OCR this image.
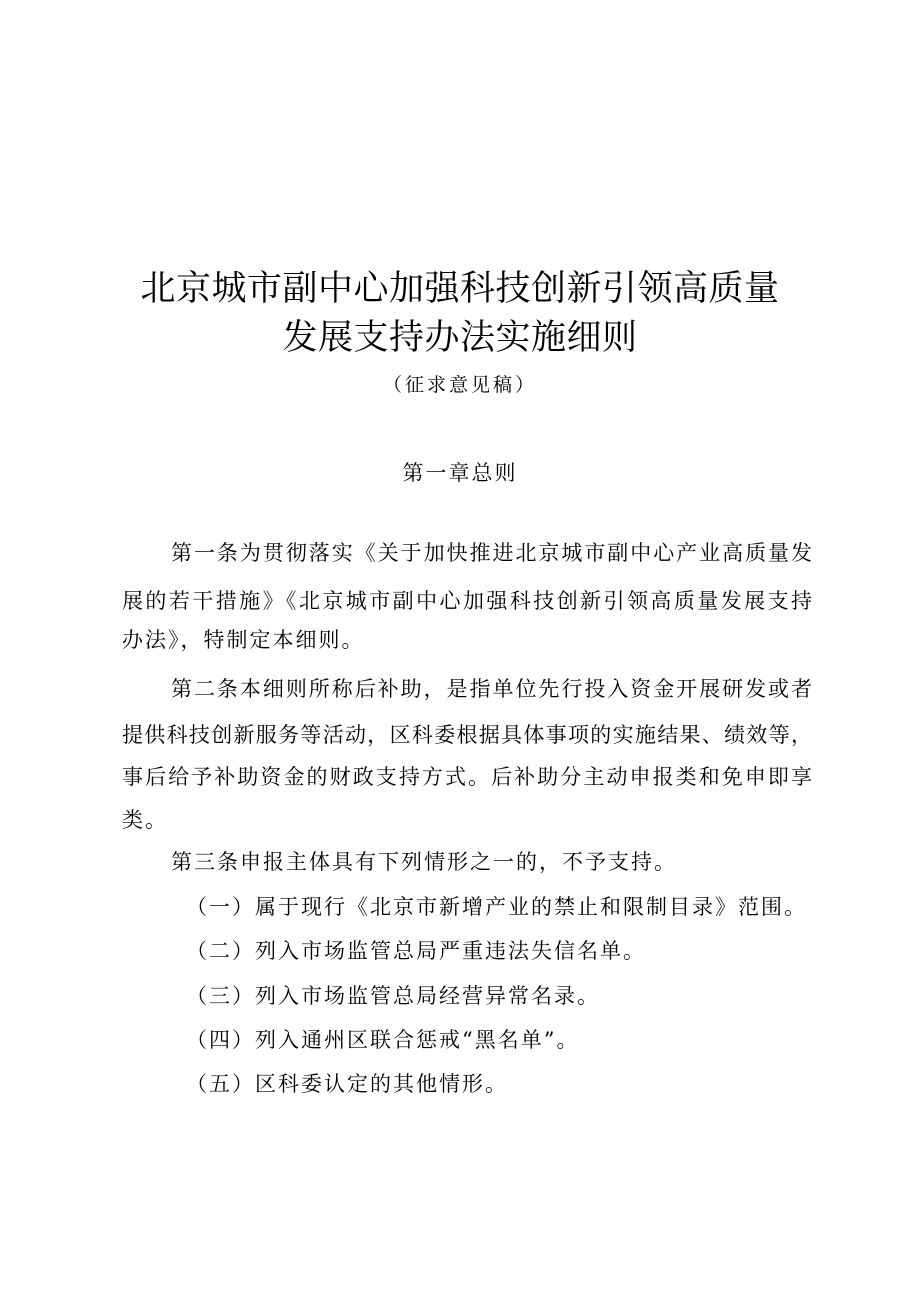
北京城市副中心加强科技创新引领高质量
发展支持办法实施细则
（征求意见稿）
第一章总则
第一条为贯彻落实《关于加快推进北京城市副中心产业高质量发
展的若干措施》《北京城市副中心加强科技创新引领高质量发展支持
办法》，特制定本细则。
第二条本细则所称后补助，是指单位先行投入资金开展研发或者
提供科技创新服务等活动，区科委根据具体事项的实施结果、绩效等，
事后给予补助资金的财政支持方式。后补助分主动申报类和免申即享
类。
第三条申报主体具有下列情形之一的，不予支持。
（一）属于现行《北京市新增产业的禁止和限制目录》范围。
（二）列入市场监管总局严重违法失信名单。
（三）列入市场监管总局经营异常名录。
（四）列入通州区联合惩戒“黑名单”。
（五）区科委认定的其他情形。
